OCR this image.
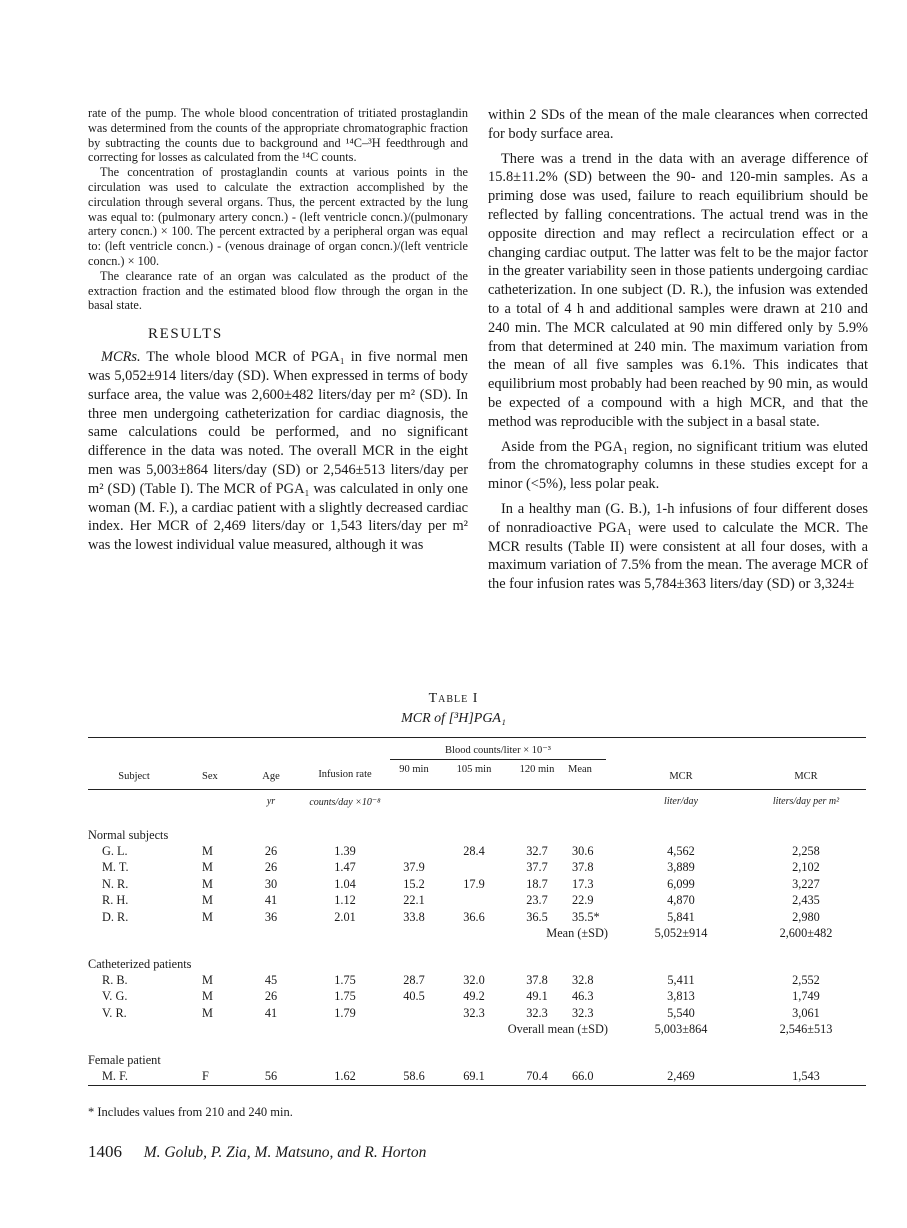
rate of the pump. The whole blood concentration of tritiated prostaglandin was determined from the counts of the appropriate chromatographic fraction by subtracting the counts due to background and ¹⁴C–³H feedthrough and correcting for losses as calculated from the ¹⁴C counts.

The concentration of prostaglandin counts at various points in the circulation was used to calculate the extraction accomplished by the circulation through several organs. Thus, the percent extracted by the lung was equal to: (pulmonary artery concn.) - (left ventricle concn.)/(pulmonary artery concn.) × 100. The percent extracted by a peripheral organ was equal to: (left ventricle concn.) - (venous drainage of organ concn.)/(left ventricle concn.) × 100.

The clearance rate of an organ was calculated as the product of the extraction fraction and the estimated blood flow through the organ in the basal state.

RESULTS

MCRs. The whole blood MCR of PGA₁ in five normal men was 5,052±914 liters/day (SD). When expressed in terms of body surface area, the value was 2,600±482 liters/day per m² (SD). In three men undergoing catheterization for cardiac diagnosis, the same calculations could be performed, and no significant difference in the data was noted. The overall MCR in the eight men was 5,003±864 liters/day (SD) or 2,546±513 liters/day per m² (SD) (Table I). The MCR of PGA₁ was calculated in only one woman (M. F.), a cardiac patient with a slightly decreased cardiac index. Her MCR of 2,469 liters/day or 1,543 liters/day per m² was the lowest individual value measured, although it was

within 2 SDs of the mean of the male clearances when corrected for body surface area.

There was a trend in the data with an average difference of 15.8±11.2% (SD) between the 90- and 120-min samples. As a priming dose was used, failure to reach equilibrium should be reflected by falling concentrations. The actual trend was in the opposite direction and may reflect a recirculation effect or a changing cardiac output. The latter was felt to be the major factor in the greater variability seen in those patients undergoing cardiac catheterization. In one subject (D. R.), the infusion was extended to a total of 4 h and additional samples were drawn at 210 and 240 min. The MCR calculated at 90 min differed only by 5.9% from that determined at 240 min. The maximum variation from the mean of all five samples was 6.1%. This indicates that equilibrium most probably had been reached by 90 min, as would be expected of a compound with a high MCR, and that the method was reproducible with the subject in a basal state.

Aside from the PGA₁ region, no significant tritium was eluted from the chromatography columns in these studies except for a minor (<5%), less polar peak.

In a healthy man (G. B.), 1-h infusions of four different doses of nonradioactive PGA₁ were used to calculate the MCR. The MCR results (Table II) were consistent at all four doses, with a maximum variation of 7.5% from the mean. The average MCR of the four infusion rates was 5,784±363 liters/day (SD) or 3,324±

Table I
MCR of [³H]PGA₁
Subject	Sex	Age	Infusion rate	Blood counts/liter × 10⁻³				MCR	MCR
				90 min	105 min	120 min	Mean		
		yr	counts/day ×10⁻⁸					liter/day	liters/day per m²
Normal subjects									
G. L.	M	26	1.39		28.4	32.7	30.6	4,562	2,258
M. T.	M	26	1.47	37.9		37.7	37.8	3,889	2,102
N. R.	M	30	1.04	15.2	17.9	18.7	17.3	6,099	3,227
R. H.	M	41	1.12	22.1		23.7	22.9	4,870	2,435
D. R.	M	36	2.01	33.8	36.6	36.5	35.5*	5,841	2,980
				Mean (±SD)				5,052±914	2,600±482
Catheterized patients									
R. B.	M	45	1.75	28.7	32.0	37.8	32.8	5,411	2,552
V. G.	M	26	1.75	40.5	49.2	49.1	46.3	3,813	1,749
V. R.	M	41	1.79		32.3	32.3	32.3	5,540	3,061
				Overall mean (±SD)				5,003±864	2,546±513
Female patient									
M. F.	F	56	1.62	58.6	69.1	70.4	66.0	2,469	1,543
* Includes values from 210 and 240 min.
1406 M. Golub, P. Zia, M. Matsuno, and R. Horton
